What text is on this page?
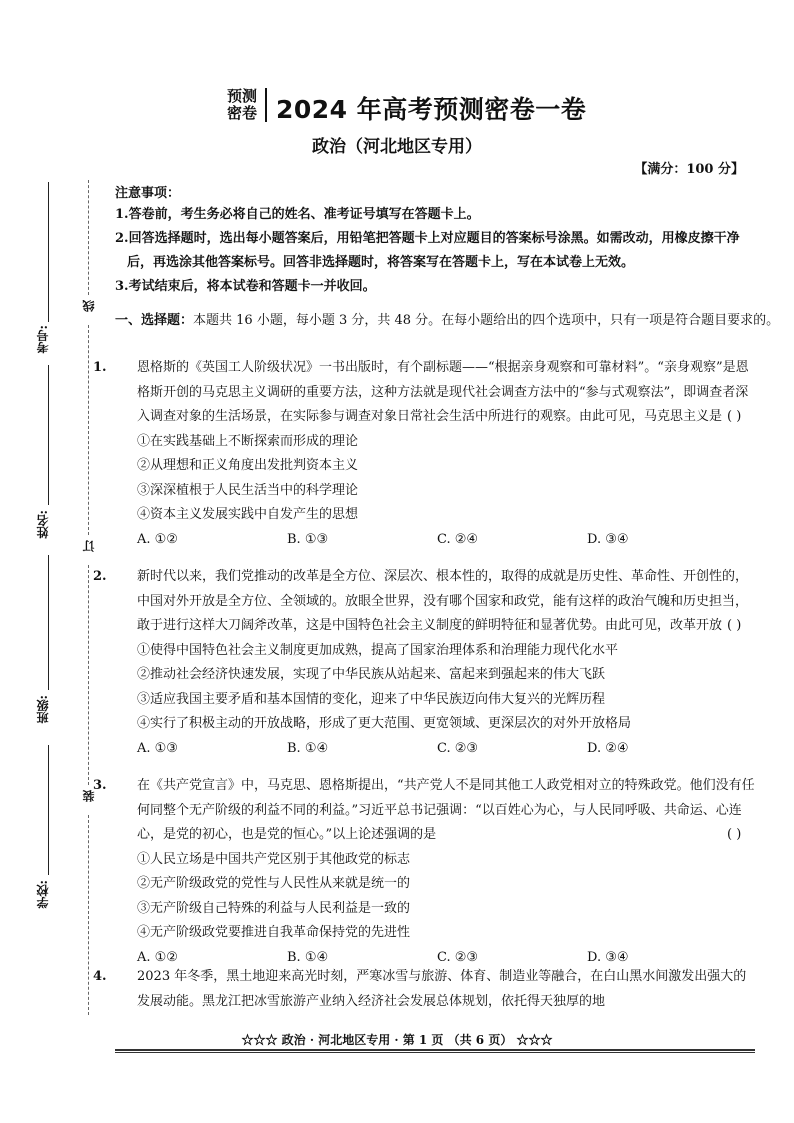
考号:
姓名:
班级:
学校:
线
订
装
预测
密卷 2024 年高考预测密卷一卷
政治（河北地区专用）
【满分：100 分】
注意事项：
1.答卷前，考生务必将自己的姓名、准考证号填写在答题卡上。
2.回答选择题时，选出每小题答案后，用铅笔把答题卡上对应题目的答案标号涂黑。如需改动，用橡皮擦干净后，再选涂其他答案标号。回答非选择题时，将答案写在答题卡上，写在本试卷上无效。
3.考试结束后，将本试卷和答题卡一并收回。
一、选择题：本题共 16 小题，每小题 3 分，共 48 分。在每小题给出的四个选项中，只有一项是符合题目要求的。
1. 恩格斯的《英国工人阶级状况》一书出版时，有个副标题——“根据亲身观察和可靠材料”。“亲身观察”是恩格斯开创的马克思主义调研的重要方法，这种方法就是现代社会调查方法中的“参与式观察法”，即调查者深入调查对象的生活场景，在实际参与调查对象日常社会生活中所进行的观察。由此可见，马克思主义是 ( )
①在实践基础上不断探索而形成的理论
②从理想和正义角度出发批判资本主义
③深深植根于人民生活当中的科学理论
④资本主义发展实践中自发产生的思想
A. ①②	B. ①③	C. ②④	D. ③④
2. 新时代以来，我们党推动的改革是全方位、深层次、根本性的，取得的成就是历史性、革命性、开创性的，中国对外开放是全方位、全领域的。放眼全世界，没有哪个国家和政党，能有这样的政治气魄和历史担当，敢于进行这样大刀阔斧改革，这是中国特色社会主义制度的鲜明特征和显著优势。由此可见，改革开放 ( )
①使得中国特色社会主义制度更加成熟，提高了国家治理体系和治理能力现代化水平
②推动社会经济快速发展，实现了中华民族从站起来、富起来到强起来的伟大飞跃
③适应我国主要矛盾和基本国情的变化，迎来了中华民族迈向伟大复兴的光辉历程
④实行了积极主动的开放战略，形成了更大范围、更宽领域、更深层次的对外开放格局
A. ①③	B. ①④	C. ②③	D. ②④
3. 在《共产党宣言》中，马克思、恩格斯提出，“共产党人不是同其他工人政党相对立的特殊政党。他们没有任何同整个无产阶级的利益不同的利益。”习近平总书记强调：“以百姓心为心，与人民同呼吸、共命运、心连心，是党的初心，也是党的恒心。”以上论述强调的是	( )
①人民立场是中国共产党区别于其他政党的标志
②无产阶级政党的党性与人民性从来就是统一的
③无产阶级自己特殊的利益与人民利益是一致的
④无产阶级政党要推进自我革命保持党的先进性
A. ①②	B. ①④	C. ②③	D. ③④
4. 2023 年冬季，黑土地迎来高光时刻，严寒冰雪与旅游、体育、制造业等融合，在白山黑水间激发出强大的发展动能。黑龙江把冰雪旅游产业纳入经济社会发展总体规划，依托得天独厚的地
☆☆☆ 政治 · 河北地区专用 · 第 1 页 （共 6 页） ☆☆☆
